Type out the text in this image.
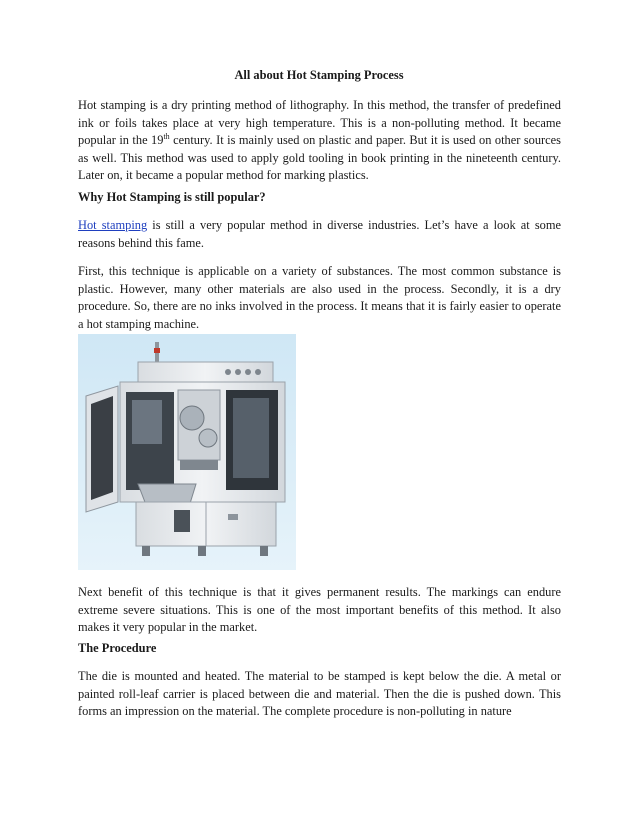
All about Hot Stamping Process

Hot stamping is a dry printing method of lithography. In this method, the transfer of predefined ink or foils takes place at very high temperature. This is a non-polluting method. It became popular in the 19th century. It is mainly used on plastic and paper. But it is used on other sources as well. This method was used to apply gold tooling in book printing in the nineteenth century. Later on, it became a popular method for marking plastics.

Why Hot Stamping is still popular?

Hot stamping is still a very popular method in diverse industries. Let’s have a look at some reasons behind this fame.

First, this technique is applicable on a variety of substances. The most common substance is plastic. However, many other materials are also used in the process. Secondly, it is a dry procedure. So, there are no inks involved in the process. It means that it is fairly easier to operate a hot stamping machine.

Next benefit of this technique is that it gives permanent results. The markings can endure extreme severe situations. This is one of the most important benefits of this method. It also makes it very popular in the market.

The Procedure

The die is mounted and heated. The material to be stamped is kept below the die. A metal or painted roll-leaf carrier is placed between die and material. Then the die is pushed down. This forms an impression on the material. The complete procedure is non-polluting in nature
